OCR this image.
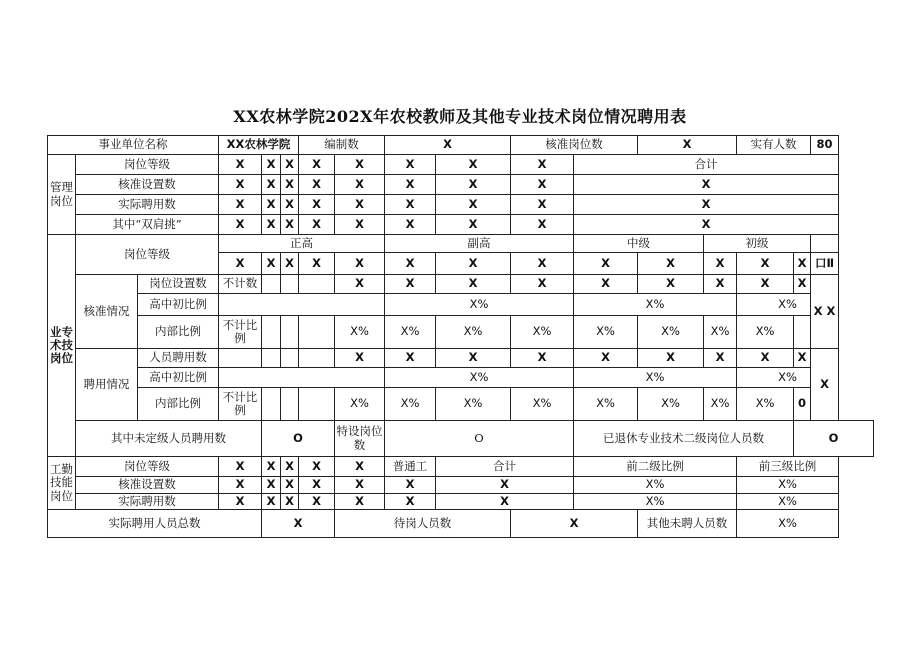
XX农林学院202X年农校教师及其他专业技术岗位情况聘用表
事业单位名称			XX农林学院			编制数		X		核准岗位数		X		实有人数		80
管理岗位	岗位等级		X	X	X	X	X	X	X	X	合计					
	核准设置数		X	X	X	X	X	X	X	X	X					
	实际聘用数		X	X	X	X	X	X	X	X	X					
	其中“双肩挑”		X	X	X	X	X	X	X	X	X					
业专术技岗位	岗位等级		正高					副高			中级		初级			
			X	X	X	X	X	X	X	X	X	X	X	X	X	口Ⅱ
	核准情况	岗位设置数	不计数				X	X	X	X	X	X	X	X	X	X X
		高中初比例						X%			X%			X%		
		内部比例	不计比例				X%	X%	X%	X%	X%	X%	X%	X%		
	聘用情况	人员聘用数					X	X	X	X	X	X	X	X	X	X
		高中初比例						X%			X%			X%		
		内部比例	不计比例				X%	X%	X%	X%	X%	X%	X%	X%	0	
	其中未定级人员聘用数			O			特设岗位数	O			已退休专业技术二级岗位人员数				O	
工勤技能岗位	岗位等级		X	X	X	X	X	普通工	合计		前二级比例			前三级比例		
	核准设置数		X	X	X	X	X	X	X		X%			X%		
	实际聘用数		X	X	X	X	X	X	X		X%			X%		
实际聘用人员总数				X			待岗人员数			X		其他未聘人员数		X%		
